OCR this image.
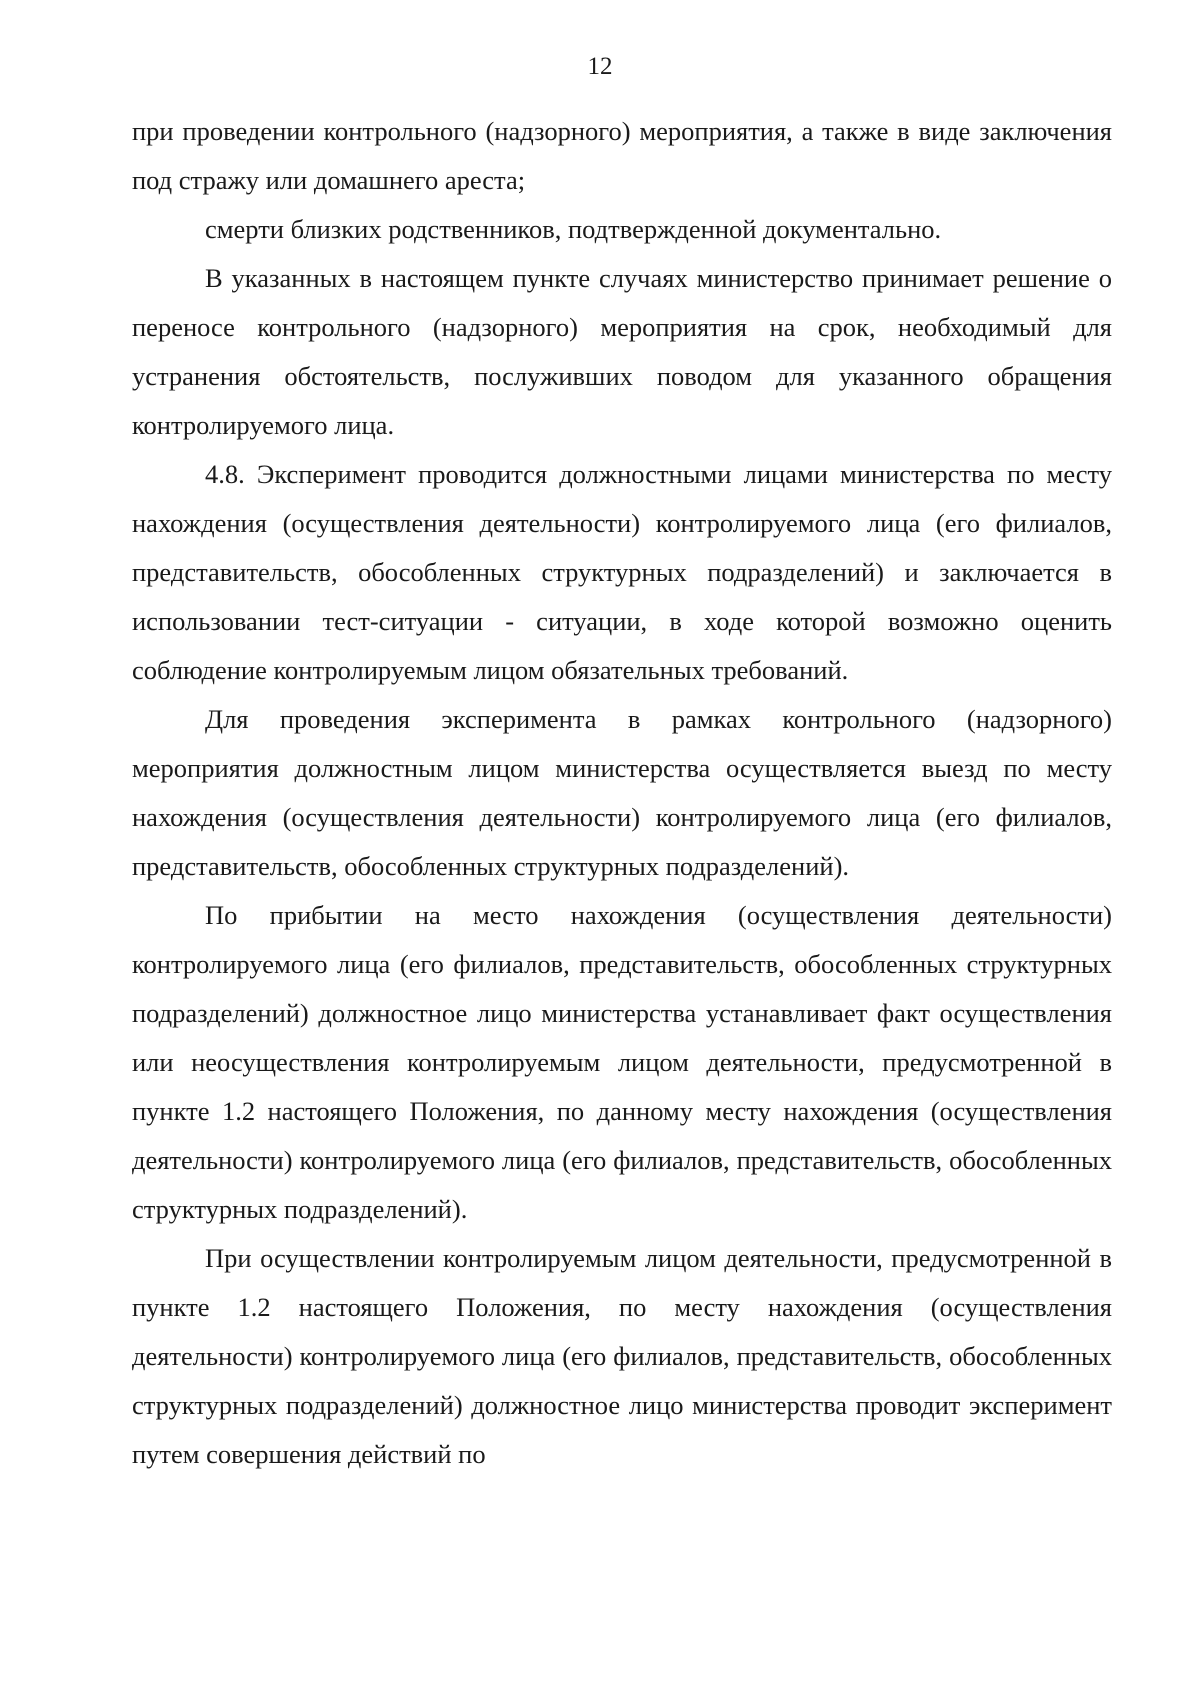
12

при проведении контрольного (надзорного) мероприятия, а также в виде заключения под стражу или домашнего ареста;

смерти близких родственников, подтвержденной документально.

В указанных в настоящем пункте случаях министерство принимает решение о переносе контрольного (надзорного) мероприятия на срок, необходимый для устранения обстоятельств, послуживших поводом для указанного обращения контролируемого лица.

4.8. Эксперимент проводится должностными лицами министерства по месту нахождения (осуществления деятельности) контролируемого лица (его филиалов, представительств, обособленных структурных подразделений) и заключается в использовании тест-ситуации - ситуации, в ходе которой возможно оценить соблюдение контролируемым лицом обязательных требований.

Для проведения эксперимента в рамках контрольного (надзорного) мероприятия должностным лицом министерства осуществляется выезд по месту нахождения (осуществления деятельности) контролируемого лица (его филиалов, представительств, обособленных структурных подразделений).

По прибытии на место нахождения (осуществления деятельности) контролируемого лица (его филиалов, представительств, обособленных структурных подразделений) должностное лицо министерства устанавливает факт осуществления или неосуществления контролируемым лицом деятельности, предусмотренной в пункте 1.2 настоящего Положения, по данному месту нахождения (осуществления деятельности) контролируемого лица (его филиалов, представительств, обособленных структурных подразделений).

При осуществлении контролируемым лицом деятельности, предусмотренной в пункте 1.2 настоящего Положения, по месту нахождения (осуществления деятельности) контролируемого лица (его филиалов, представительств, обособленных структурных подразделений) должностное лицо министерства проводит эксперимент путем совершения действий по
